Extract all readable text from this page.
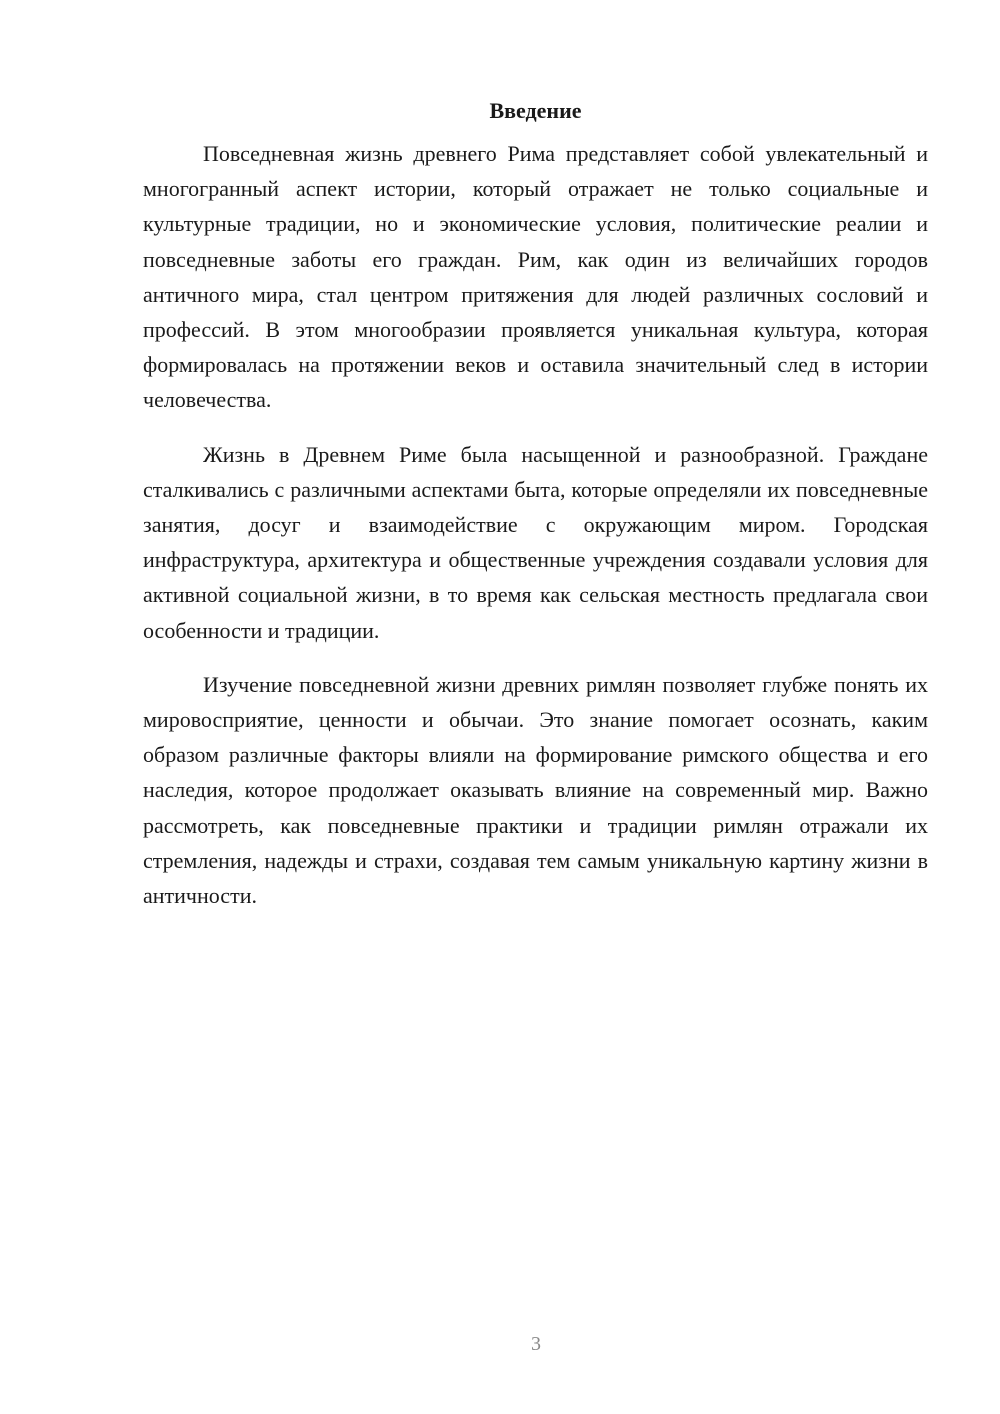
Введение

Повседневная жизнь древнего Рима представляет собой увлекательный и многогранный аспект истории, который отражает не только социальные и культурные традиции, но и экономические условия, политические реалии и повседневные заботы его граждан. Рим, как один из величайших городов античного мира, стал центром притяжения для людей различных сословий и профессий. В этом многообразии проявляется уникальная культура, которая формировалась на протяжении веков и оставила значительный след в истории человечества.

Жизнь в Древнем Риме была насыщенной и разнообразной. Граждане сталкивались с различными аспектами быта, которые определяли их повседневные занятия, досуг и взаимодействие с окружающим миром. Городская инфраструктура, архитектура и общественные учреждения создавали условия для активной социальной жизни, в то время как сельская местность предлагала свои особенности и традиции.

Изучение повседневной жизни древних римлян позволяет глубже понять их мировосприятие, ценности и обычаи. Это знание помогает осознать, каким образом различные факторы влияли на формирование римского общества и его наследия, которое продолжает оказывать влияние на современный мир. Важно рассмотреть, как повседневные практики и традиции римлян отражали их стремления, надежды и страхи, создавая тем самым уникальную картину жизни в античности.

3
